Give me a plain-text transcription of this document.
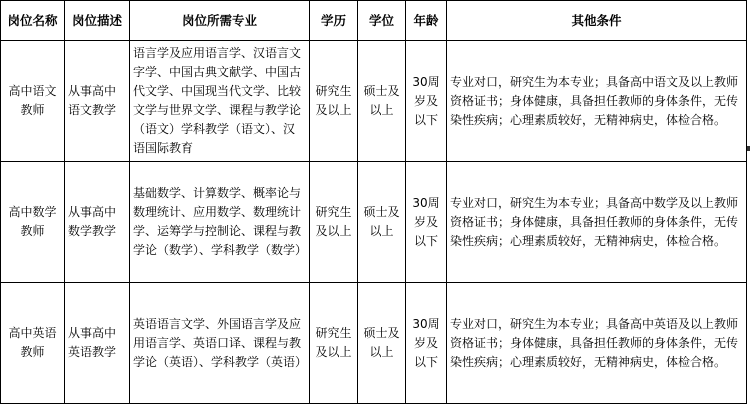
岗位名称	岗位描述	岗位所需专业	学历	学位	年龄	其他条件
高中语文教师	从事高中语文教学	语言学及应用语言学、汉语言文字学、中国古典文献学、中国古代文学、中国现当代文学、比较文学与世界文学、课程与教学论（语文）学科教学（语文）、汉语国际教育	研究生及以上	硕士及以上	30周岁及以下	专业对口，研究生为本专业；具备高中语文及以上教师资格证书；身体健康，具备担任教师的身体条件，无传染性疾病；心理素质较好，无精神病史，体检合格。
高中数学教师	从事高中数学教学	基础数学、计算数学、概率论与数理统计、应用数学、数理统计学、运筹学与控制论、课程与教学论（数学）、学科教学（数学）	研究生及以上	硕士及以上	30周岁及以下	专业对口，研究生为本专业；具备高中数学及以上教师资格证书；身体健康，具备担任教师的身体条件，无传染性疾病；心理素质较好，无精神病史，体检合格。
高中英语教师	从事高中英语教学	英语语言文学、外国语言学及应用语言学、英语口译、课程与教学论（英语）、学科教学（英语）	研究生及以上	硕士及以上	30周岁及以下	专业对口，研究生为本专业；具备高中英语及以上教师资格证书；身体健康，具备担任教师的身体条件，无传染性疾病；心理素质较好，无精神病史，体检合格。
